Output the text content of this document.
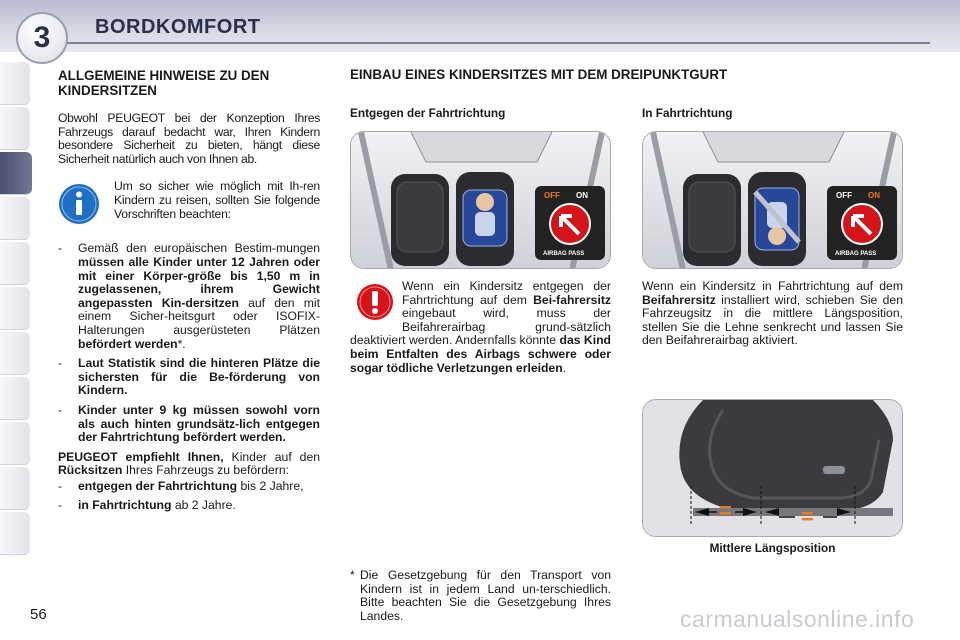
3	BORDKOMFORT
ALLGEMEINE HINWEISE ZU DEN KINDERSITZEN
Obwohl PEUGEOT bei der Konzeption Ihres Fahrzeugs darauf bedacht war, Ihren Kindern besondere Sicherheit zu bieten, hängt diese Sicherheit natürlich auch von Ihnen ab.
Um so sicher wie möglich mit Ih-ren Kindern zu reisen, sollten Sie folgende Vorschriften beachten:
- Gemäß den europäischen Bestim-mungen müssen alle Kinder unter 12 Jahren oder mit einer Körper-größe bis 1,50 m in zugelassenen, ihrem Gewicht angepassten Kin-dersitzen auf den mit einem Sicher-heitsgurt oder ISOFIX-Halterungen ausgerüsteten Plätzen befördert werden*.
- Laut Statistik sind die hinteren Plätze die sichersten für die Be-förderung von Kindern.
- Kinder unter 9 kg müssen sowohl vorn als auch hinten grundsätz-lich entgegen der Fahrtrichtung befördert werden.
PEUGEOT empfiehlt Ihnen, Kinder auf den Rücksitzen Ihres Fahrzeugs zu befördern:
- entgegen der Fahrtrichtung bis 2 Jahre,
- in Fahrtrichtung ab 2 Jahre.
EINBAU EINES KINDERSITZES MIT DEM DREIPUNKTGURT
Entgegen der Fahrtrichtung	In Fahrtrichtung
OFF ON
AIRBAG PASS
OFF ON
AIRBAG PASS
Wenn ein Kindersitz entgegen der Fahrtrichtung auf dem Bei-fahrersitz eingebaut wird, muss der Beifahrerairbag grund-sätzlich deaktiviert werden. Andernfalls könnte das Kind beim Entfalten des Airbags schwere oder sogar tödliche Verletzungen erleiden.
Wenn ein Kindersitz in Fahrtrichtung auf dem Beifahrersitz installiert wird, schieben Sie den Fahrzeugsitz in die mittlere Längsposition, stellen Sie die Lehne senkrecht und lassen Sie den Beifahrerairbag aktiviert.
=	=
Mittlere Längsposition
* Die Gesetzgebung für den Transport von Kindern ist in jedem Land un-terschiedlich. Bitte beachten Sie die Gesetzgebung Ihres Landes.
56	carmanualsonline.info
